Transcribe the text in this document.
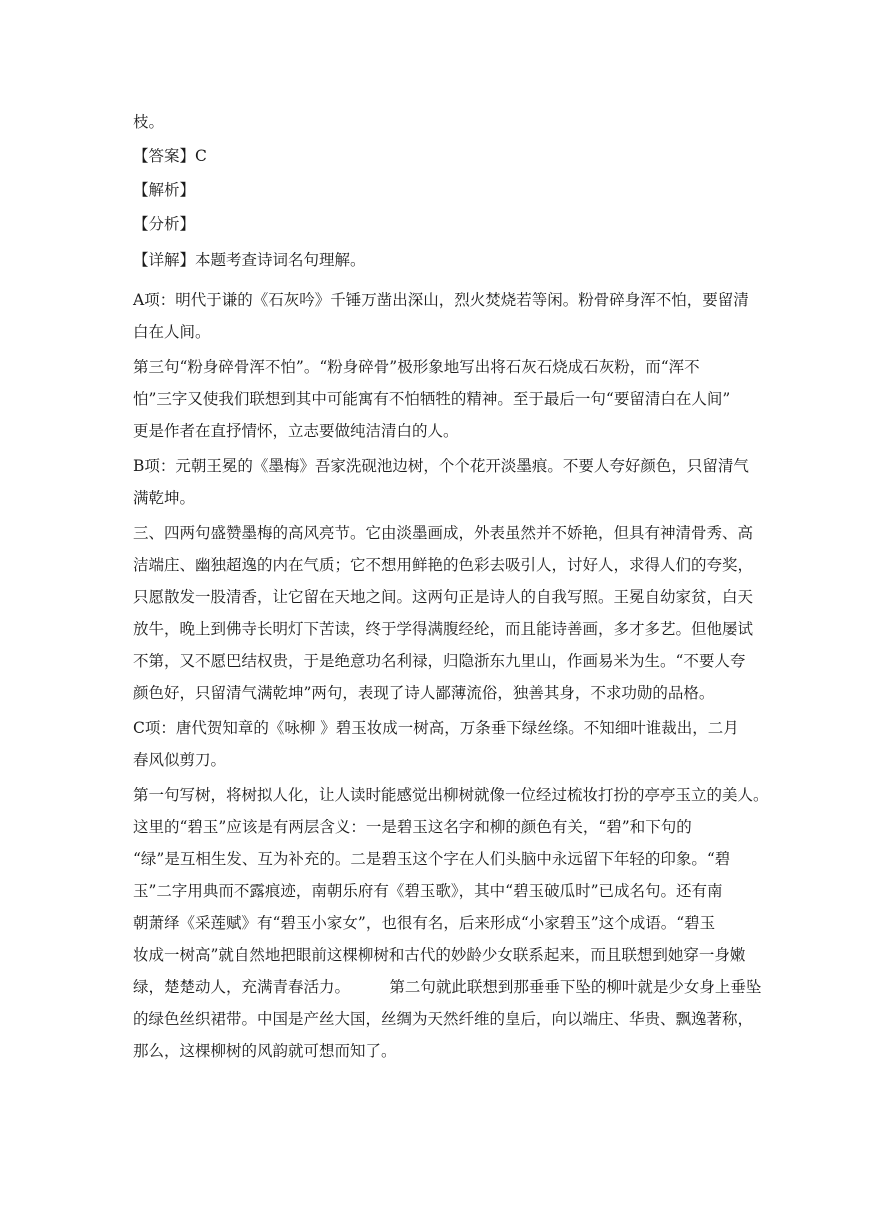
枝。

【答案】C

【解析】

【分析】

【详解】本题考查诗词名句理解。

A项：明代于谦的《石灰吟》千锤万凿出深山，烈火焚烧若等闲。粉骨碎身浑不怕，要留清

白在人间。

第三句“粉身碎骨浑不怕”。“粉身碎骨”极形象地写出将石灰石烧成石灰粉，而“浑不

怕”三字又使我们联想到其中可能寓有不怕牺牲的精神。至于最后一句“要留清白在人间”

更是作者在直抒情怀，立志要做纯洁清白的人。

B项：元朝王冕的《墨梅》吾家洗砚池边树，个个花开淡墨痕。不要人夸好颜色，只留清气

满乾坤。

三、四两句盛赞墨梅的高风亮节。它由淡墨画成，外表虽然并不娇艳，但具有神清骨秀、高

洁端庄、幽独超逸的内在气质；它不想用鲜艳的色彩去吸引人，讨好人，求得人们的夸奖，

只愿散发一股清香，让它留在天地之间。这两句正是诗人的自我写照。王冕自幼家贫，白天

放牛，晚上到佛寺长明灯下苦读，终于学得满腹经纶，而且能诗善画，多才多艺。但他屡试

不第，又不愿巴结权贵，于是绝意功名利禄，归隐浙东九里山，作画易米为生。“不要人夸

颜色好，只留清气满乾坤”两句，表现了诗人鄙薄流俗，独善其身，不求功勋的品格。

C项：唐代贺知章的《咏柳 》碧玉妆成一树高，万条垂下绿丝绦。不知细叶谁裁出，二月

春风似剪刀。

第一句写树，将树拟人化，让人读时能感觉出柳树就像一位经过梳妆打扮的亭亭玉立的美人。

这里的“碧玉”应该是有两层含义：一是碧玉这名字和柳的颜色有关，“碧”和下句的

“绿”是互相生发、互为补充的。二是碧玉这个字在人们头脑中永远留下年轻的印象。“碧

玉”二字用典而不露痕迹，南朝乐府有《碧玉歌》，其中“碧玉破瓜时”已成名句。还有南

朝萧绎《采莲赋》有“碧玉小家女”，也很有名，后来形成“小家碧玉”这个成语。“碧玉

妆成一树高”就自然地把眼前这棵柳树和古代的妙龄少女联系起来，而且联想到她穿一身嫩

绿，楚楚动人，充满青春活力。        第二句就此联想到那垂垂下坠的柳叶就是少女身上垂坠

的绿色丝织裙带。中国是产丝大国，丝绸为天然纤维的皇后，向以端庄、华贵、飘逸著称，

那么，这棵柳树的风韵就可想而知了。
